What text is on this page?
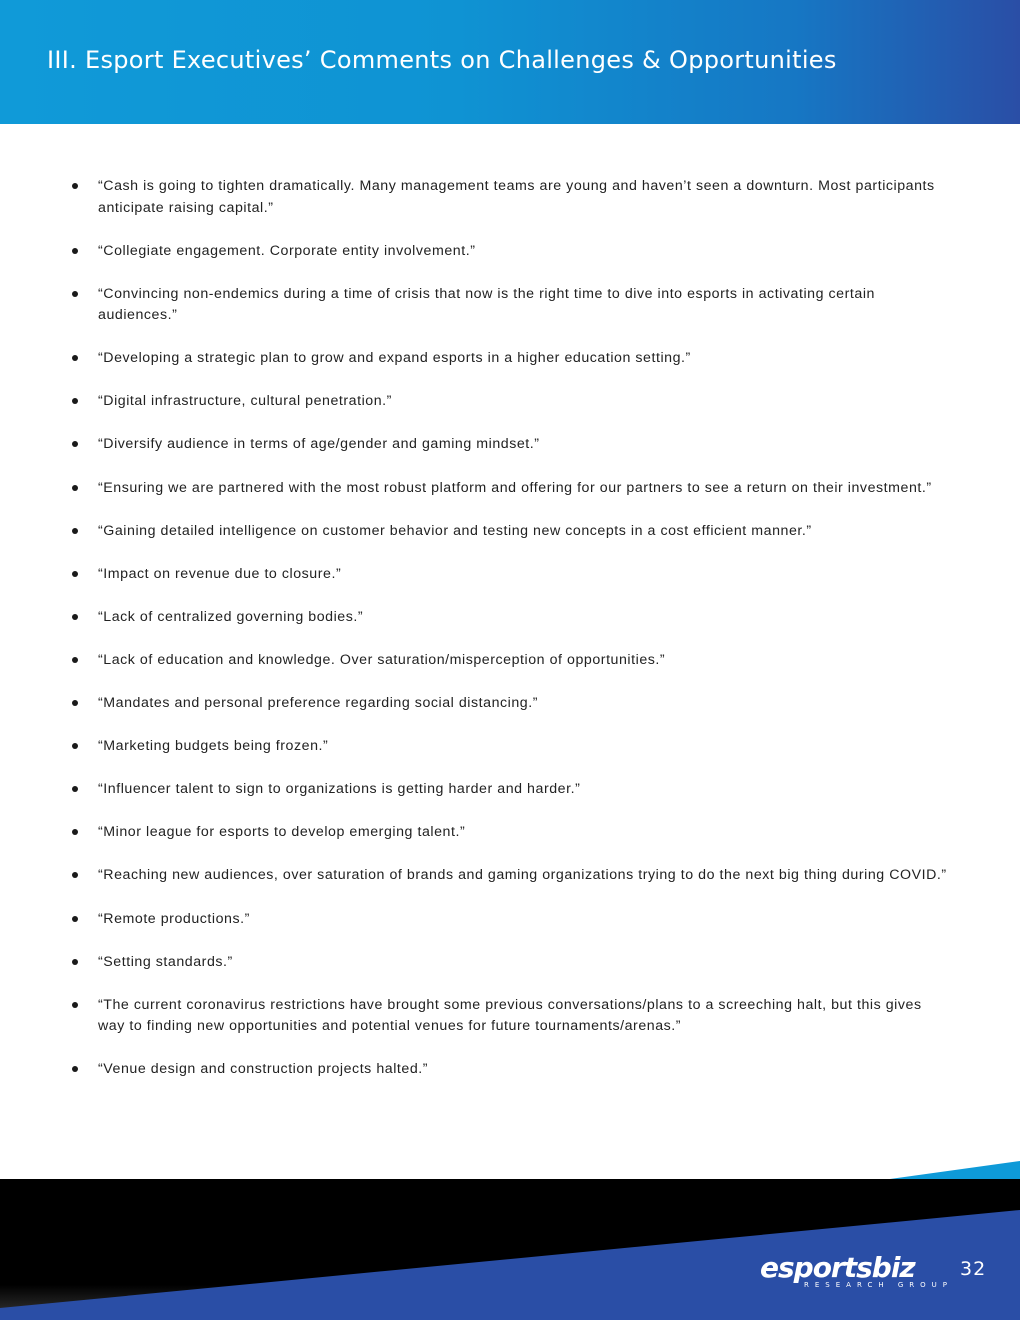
III. Esport Executives’ Comments on Challenges & Opportunities
“Cash is going to tighten dramatically. Many management teams are young and haven’t seen a downturn. Most participants anticipate raising capital.”
“Collegiate engagement. Corporate entity involvement.”
“Convincing non-endemics during a time of crisis that now is the right time to dive into esports in activating certain audiences.”
“Developing a strategic plan to grow and expand esports in a higher education setting.”
“Digital infrastructure, cultural penetration.”
“Diversify audience in terms of age/gender and gaming mindset.”
“Ensuring we are partnered with the most robust platform and offering for our partners to see a return on their investment.”
“Gaining detailed intelligence on customer behavior and testing new concepts in a cost efficient manner.”
“Impact on revenue due to closure.”
“Lack of centralized governing bodies.”
“Lack of education and knowledge. Over saturation/misperception of opportunities.”
“Mandates and personal preference regarding social distancing.”
“Marketing budgets being frozen.”
“Influencer talent to sign to organizations is getting harder and harder.”
“Minor league for esports to develop emerging talent.”
“Reaching new audiences, over saturation of brands and gaming organizations trying to do the next big thing during COVID.”
“Remote productions.”
“Setting standards.”
“The current coronavirus restrictions have brought some previous conversations/plans to a screeching halt, but this gives way to finding new opportunities and potential venues for future tournaments/arenas.”
“Venue design and construction projects halted.”
esportsbiz
RESEARCH GROUP
32
